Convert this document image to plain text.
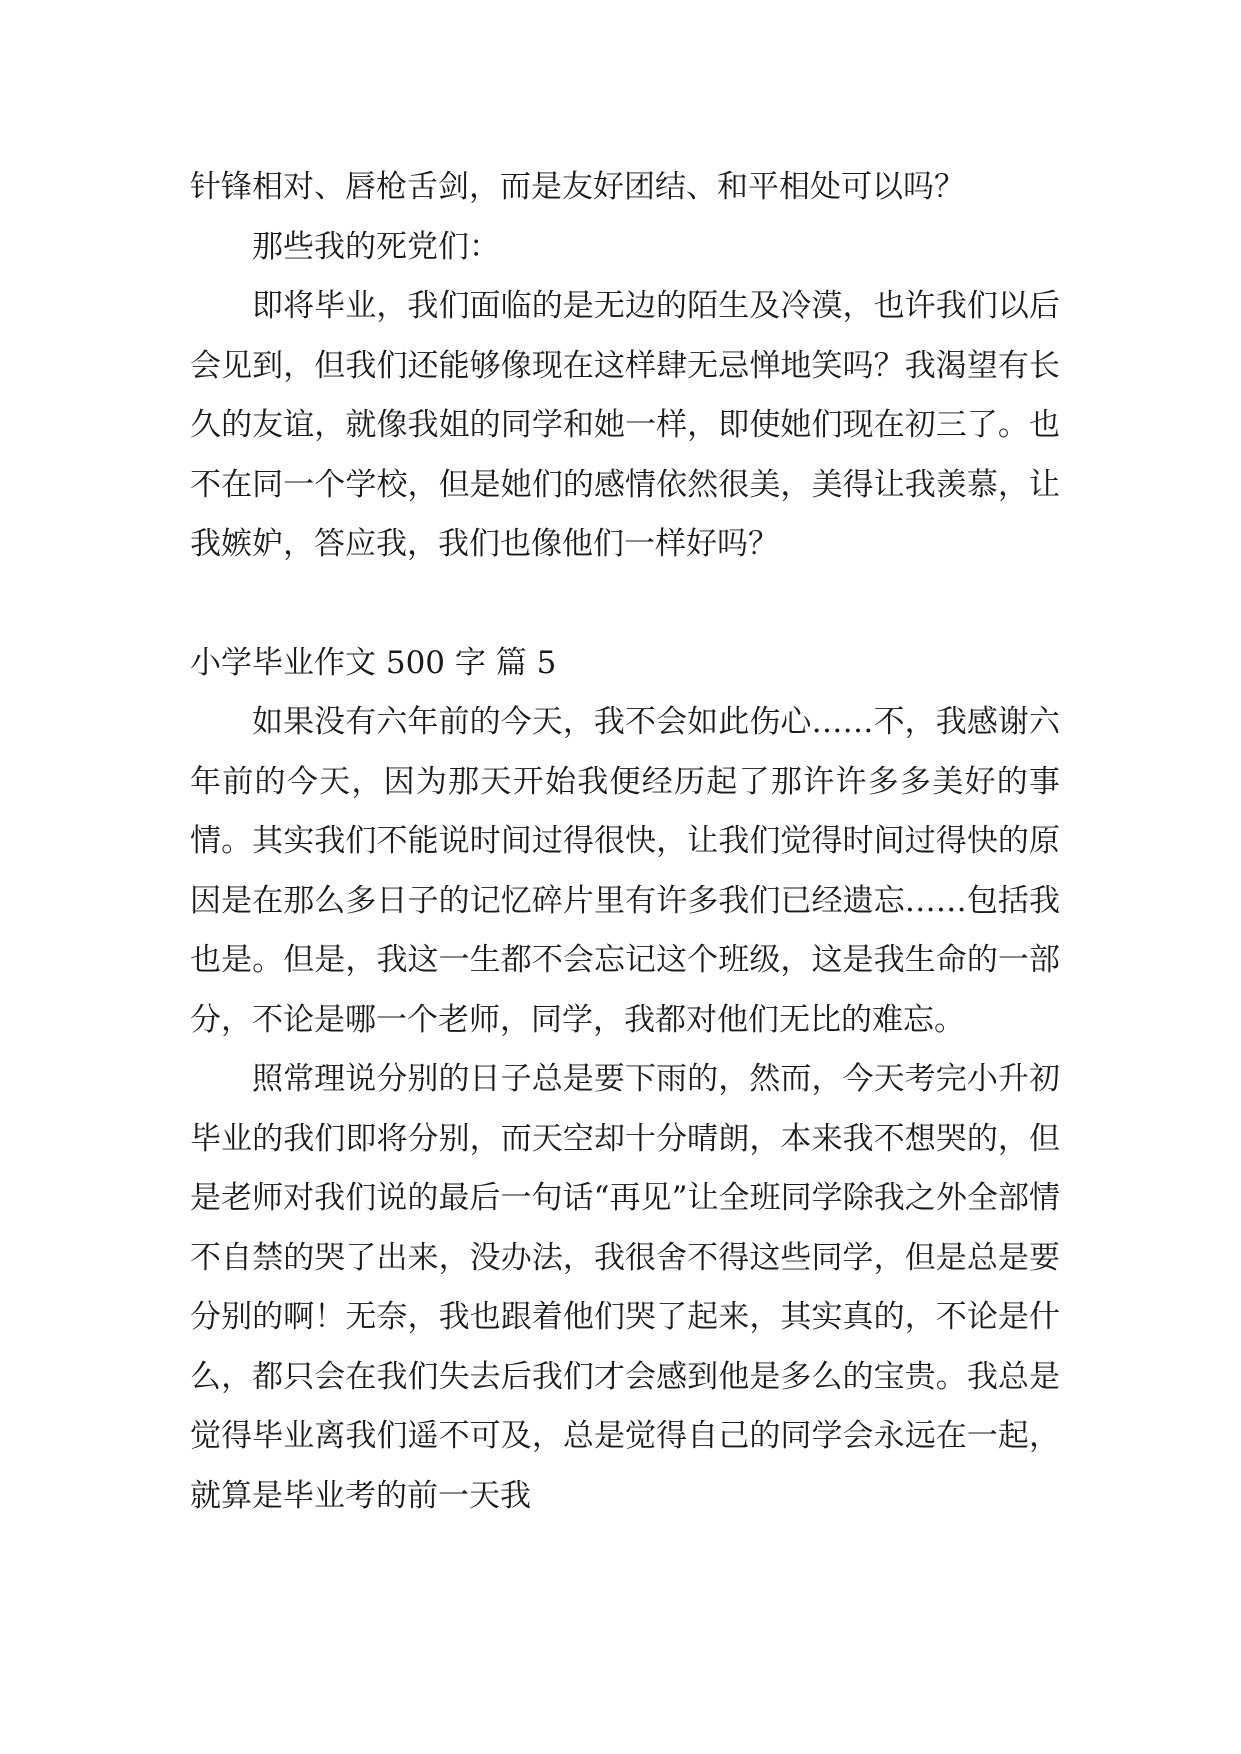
针锋相对、唇枪舌剑，而是友好团结、和平相处可以吗？

那些我的死党们：

即将毕业，我们面临的是无边的陌生及冷漠，也许我们以后会见到，但我们还能够像现在这样肆无忌惮地笑吗？我渴望有长久的友谊，就像我姐的同学和她一样，即使她们现在初三了。也不在同一个学校，但是她们的感情依然很美，美得让我羡慕，让我嫉妒，答应我，我们也像他们一样好吗？

小学毕业作文 500 字 篇 5

如果没有六年前的今天，我不会如此伤心……不，我感谢六年前的今天，因为那天开始我便经历起了那许许多多美好的事情。其实我们不能说时间过得很快，让我们觉得时间过得快的原因是在那么多日子的记忆碎片里有许多我们已经遗忘……包括我也是。但是，我这一生都不会忘记这个班级，这是我生命的一部分，不论是哪一个老师，同学，我都对他们无比的难忘。

照常理说分别的日子总是要下雨的，然而，今天考完小升初毕业的我们即将分别，而天空却十分晴朗，本来我不想哭的，但是老师对我们说的最后一句话“再见”让全班同学除我之外全部情不自禁的哭了出来，没办法，我很舍不得这些同学，但是总是要分别的啊！无奈，我也跟着他们哭了起来，其实真的，不论是什么，都只会在我们失去后我们才会感到他是多么的宝贵。我总是觉得毕业离我们遥不可及，总是觉得自己的同学会永远在一起，就算是毕业考的前一天我
